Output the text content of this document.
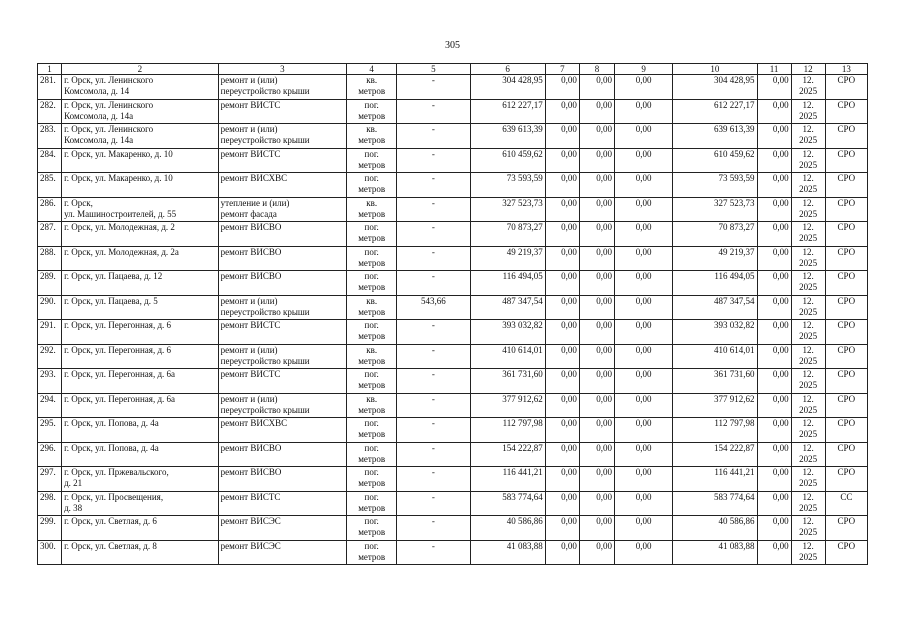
305
1	2	3	4	5	6	7	8	9	10	11	12	13
281.	г. Орск, ул. Ленинского
Комсомола, д. 14	ремонт и (или)
переустройство крыши	кв.
метров	-	304 428,95	0,00	0,00	0,00	304 428,95	0,00	12.
2025	СРО
282.	г. Орск, ул. Ленинского
Комсомола, д. 14а	ремонт ВИСТС	пог.
метров	-	612 227,17	0,00	0,00	0,00	612 227,17	0,00	12.
2025	СРО
283.	г. Орск, ул. Ленинского
Комсомола, д. 14а	ремонт и (или)
переустройство крыши	кв.
метров	-	639 613,39	0,00	0,00	0,00	639 613,39	0,00	12.
2025	СРО
284.	г. Орск, ул. Макаренко, д. 10	ремонт ВИСТС	пог.
метров	-	610 459,62	0,00	0,00	0,00	610 459,62	0,00	12.
2025	СРО
285.	г. Орск, ул. Макаренко, д. 10	ремонт ВИСХВС	пог.
метров	-	73 593,59	0,00	0,00	0,00	73 593,59	0,00	12.
2025	СРО
286.	г. Орск,
ул. Машиностроителей, д. 55	утепление и (или)
ремонт фасада	кв.
метров	-	327 523,73	0,00	0,00	0,00	327 523,73	0,00	12.
2025	СРО
287.	г. Орск, ул. Молодежная, д. 2	ремонт ВИСВО	пог.
метров	-	70 873,27	0,00	0,00	0,00	70 873,27	0,00	12.
2025	СРО
288.	г. Орск, ул. Молодежная, д. 2а	ремонт ВИСВО	пог.
метров	-	49 219,37	0,00	0,00	0,00	49 219,37	0,00	12.
2025	СРО
289.	г. Орск, ул. Пацаева, д. 12	ремонт ВИСВО	пог.
метров	-	116 494,05	0,00	0,00	0,00	116 494,05	0,00	12.
2025	СРО
290.	г. Орск, ул. Пацаева, д. 5	ремонт и (или)
переустройство крыши	кв.
метров	543,66	487 347,54	0,00	0,00	0,00	487 347,54	0,00	12.
2025	СРО
291.	г. Орск, ул. Перегонная, д. 6	ремонт ВИСТС	пог.
метров	-	393 032,82	0,00	0,00	0,00	393 032,82	0,00	12.
2025	СРО
292.	г. Орск, ул. Перегонная, д. 6	ремонт и (или)
переустройство крыши	кв.
метров	-	410 614,01	0,00	0,00	0,00	410 614,01	0,00	12.
2025	СРО
293.	г. Орск, ул. Перегонная, д. 6а	ремонт ВИСТС	пог.
метров	-	361 731,60	0,00	0,00	0,00	361 731,60	0,00	12.
2025	СРО
294.	г. Орск, ул. Перегонная, д. 6а	ремонт и (или)
переустройство крыши	кв.
метров	-	377 912,62	0,00	0,00	0,00	377 912,62	0,00	12.
2025	СРО
295.	г. Орск, ул. Попова, д. 4а	ремонт ВИСХВС	пог.
метров	-	112 797,98	0,00	0,00	0,00	112 797,98	0,00	12.
2025	СРО
296.	г. Орск, ул. Попова, д. 4а	ремонт ВИСВО	пог.
метров	-	154 222,87	0,00	0,00	0,00	154 222,87	0,00	12.
2025	СРО
297.	г. Орск, ул. Пржевальского,
д. 21	ремонт ВИСВО	пог.
метров	-	116 441,21	0,00	0,00	0,00	116 441,21	0,00	12.
2025	СРО
298.	г. Орск, ул. Просвещения,
д. 38	ремонт ВИСТС	пог.
метров	-	583 774,64	0,00	0,00	0,00	583 774,64	0,00	12.
2025	СС
299.	г. Орск, ул. Светлая, д. 6	ремонт ВИСЭС	пог.
метров	-	40 586,86	0,00	0,00	0,00	40 586,86	0,00	12.
2025	СРО
300.	г. Орск, ул. Светлая, д. 8	ремонт ВИСЭС	пог.
метров	-	41 083,88	0,00	0,00	0,00	41 083,88	0,00	12.
2025	СРО
